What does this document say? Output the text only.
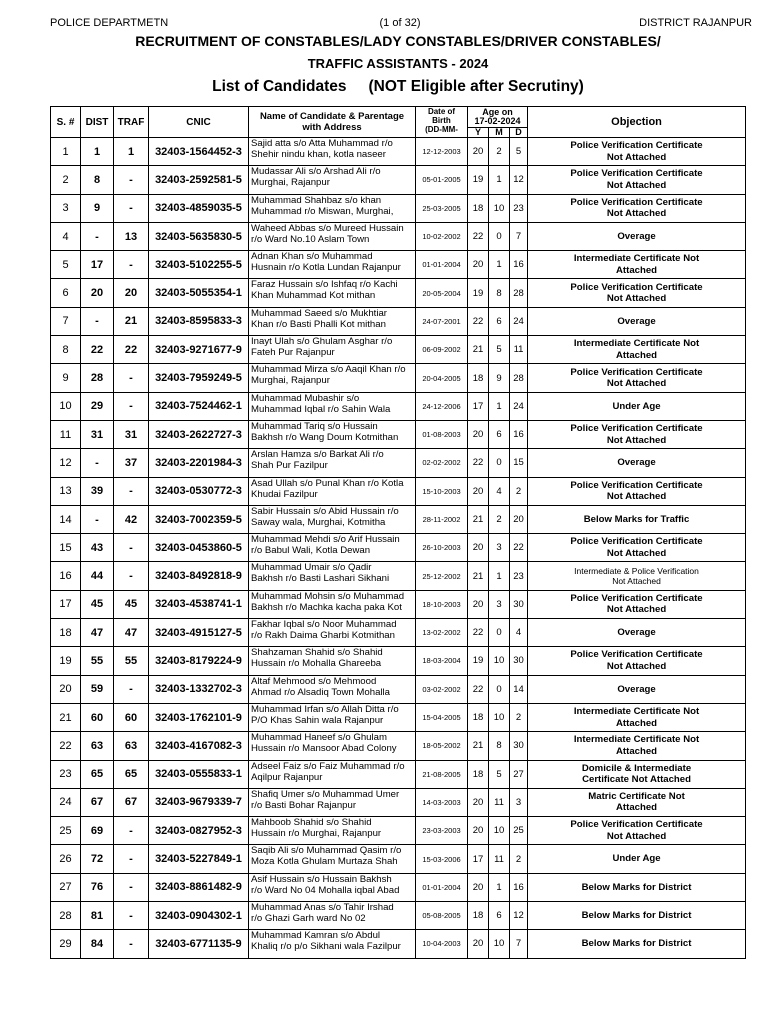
POLICE DEPARTMETN	(1 of 32)	DISTRICT RAJANPUR
RECRUITMENT OF CONSTABLES/LADY CONSTABLES/DRIVER CONSTABLES/
TRAFFIC ASSISTANTS - 2024
List of Candidates (NOT Eligible after Secrutiny)
S. #	DIST	TRAF	CNIC	Name of Candidate & Parentage
with Address	Date of
Birth
(DD-MM-	Age on
17-02-2024			Objection
						Y	M	D	
1	1	1	32403-1564452-3	Sajid atta s/o Atta Muhammad r/o
Shehir nindu khan, kotla naseer	12-12-2003	20	2	5	Police Verification Certificate
Not Attached
2	8	-	32403-2592581-5	Mudassar Ali s/o Arshad Ali r/o
Murghai, Rajanpur	05-01-2005	19	1	12	Police Verification Certificate
Not Attached
3	9	-	32403-4859035-5	Muhammad Shahbaz s/o khan
Muhammad r/o Miswan, Murghai,	25-03-2005	18	10	23	Police Verification Certificate
Not Attached
4	-	13	32403-5635830-5	Waheed Abbas s/o Mureed Hussain
r/o Ward No.10 Aslam Town	10-02-2002	22	0	7	Overage
5	17	-	32403-5102255-5	Adnan Khan s/o Muhammad
Husnain r/o Kotla Lundan Rajanpur	01-01-2004	20	1	16	Intermediate Certificate Not
Attached
6	20	20	32403-5055354-1	Faraz Hussain s/o Ishfaq r/o Kachi
Khan Muhammad Kot mithan	20-05-2004	19	8	28	Police Verification Certificate
Not Attached
7	-	21	32403-8595833-3	Muhammad Saeed s/o Mukhtiar
Khan r/o Basti Phalli Kot mithan	24-07-2001	22	6	24	Overage
8	22	22	32403-9271677-9	Inayt Ulah s/o Ghulam Asghar r/o
Fateh Pur Rajanpur	06-09-2002	21	5	11	Intermediate Certificate Not
Attached
9	28	-	32403-7959249-5	Muhammad Mirza s/o Aaqil Khan r/o
Murghai, Rajanpur	20-04-2005	18	9	28	Police Verification Certificate
Not Attached
10	29	-	32403-7524462-1	Muhammad Mubashir s/o
Muhammad Iqbal r/o Sahin Wala	24-12-2006	17	1	24	Under Age
11	31	31	32403-2622727-3	Muhammad Tariq s/o Hussain
Bakhsh r/o Wang Doum Kotmithan	01-08-2003	20	6	16	Police Verification Certificate
Not Attached
12	-	37	32403-2201984-3	Arslan Hamza s/o Barkat Ali r/o
Shah Pur Fazilpur	02-02-2002	22	0	15	Overage
13	39	-	32403-0530772-3	Asad Ullah s/o Punal Khan r/o Kotla
Khudai Fazilpur	15-10-2003	20	4	2	Police Verification Certificate
Not Attached
14	-	42	32403-7002359-5	Sabir Hussain s/o Abid Hussain r/o
Saway wala, Murghai, Kotmitha	28-11-2002	21	2	20	Below Marks for Traffic
15	43	-	32403-0453860-5	Muhammad Mehdi s/o Arif Hussain
r/o Babul Wali, Kotla Dewan	26-10-2003	20	3	22	Police Verification Certificate
Not Attached
16	44	-	32403-8492818-9	Muhammad Umair s/o Qadir
Bakhsh r/o Basti Lashari Sikhani	25-12-2002	21	1	23	Intermediate & Police Verification
Not Attached
17	45	45	32403-4538741-1	Muhammad Mohsin s/o Muhammad
Bakhsh r/o Machka kacha paka Kot	18-10-2003	20	3	30	Police Verification Certificate
Not Attached
18	47	47	32403-4915127-5	Fakhar Iqbal s/o Noor Muhammad
r/o Rakh Daima Gharbi Kotmithan	13-02-2002	22	0	4	Overage
19	55	55	32403-8179224-9	Shahzaman Shahid s/o Shahid
Hussain r/o Mohalla Ghareeba	18-03-2004	19	10	30	Police Verification Certificate
Not Attached
20	59	-	32403-1332702-3	Altaf Mehmood s/o Mehmood
Ahmad r/o Alsadiq Town Mohalla	03-02-2002	22	0	14	Overage
21	60	60	32403-1762101-9	Muhammad Irfan s/o Allah Ditta r/o
P/O Khas Sahin wala Rajanpur	15-04-2005	18	10	2	Intermediate Certificate Not
Attached
22	63	63	32403-4167082-3	Muhammad Haneef s/o Ghulam
Hussain r/o Mansoor Abad Colony	18-05-2002	21	8	30	Intermediate Certificate Not
Attached
23	65	65	32403-0555833-1	Adseel Faiz s/o Faiz Muhammad r/o
Aqilpur Rajanpur	21-08-2005	18	5	27	Domicile & Intermediate
Certificate Not Attached
24	67	67	32403-9679339-7	Shafiq Umer s/o Muhammad Umer
r/o Basti Bohar Rajanpur	14-03-2003	20	11	3	Matric Certificate Not
Attached
25	69	-	32403-0827952-3	Mahboob Shahid s/o Shahid
Hussain r/o Murghai, Rajanpur	23-03-2003	20	10	25	Police Verification Certificate
Not Attached
26	72	-	32403-5227849-1	Saqib Ali s/o Muhammad Qasim r/o
Moza Kotla Ghulam Murtaza Shah	15-03-2006	17	11	2	Under Age
27	76	-	32403-8861482-9	Asif Hussain s/o Hussain Bakhsh
r/o Ward No 04 Mohalla iqbal Abad	01-01-2004	20	1	16	Below Marks for District
28	81	-	32403-0904302-1	Muhammad Anas s/o Tahir Irshad
r/o Ghazi Garh ward No 02	05-08-2005	18	6	12	Below Marks for District
29	84	-	32403-6771135-9	Muhammad Kamran s/o Abdul
Khaliq r/o p/o Sikhani wala Fazilpur	10-04-2003	20	10	7	Below Marks for District
